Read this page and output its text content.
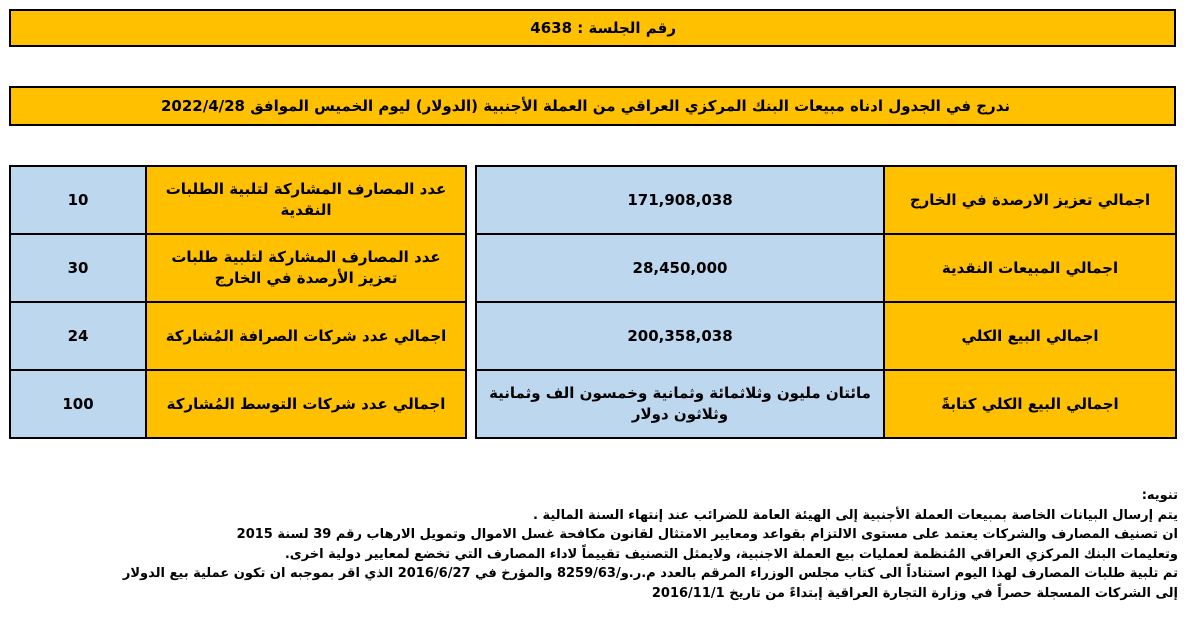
رقم الجلسة : 4638
ندرج في الجدول ادناه مبيعات البنك المركزي العراقي من العملة الأجنبية (الدولار) ليوم الخميس الموافق 2022/4/28
171,908,038	اجمالي تعزيز الارصدة في الخارج
28,450,000	اجمالي المبيعات النقدية
200,358,038	اجمالي البيع الكلي
مائتان مليون وثلاثمائة وثمانية وخمسون الف وثمانية وثلاثون دولار	اجمالي البيع الكلي كتابةً
10	عدد المصارف المشاركة لتلبية الطلبات النقدية
30	عدد المصارف المشاركة لتلبية طلبات تعزيز الأرصدة في الخارج
24	اجمالي عدد شركات الصرافة المُشاركة
100	اجمالي عدد شركات التوسط المُشاركة

تنويه:

يتم إرسال البيانات الخاصة بمبيعات العملة الأجنبية إلى الهيئة العامة للضرائب عند إنتهاء السنة المالية .

ان تصنيف المصارف والشركات يعتمد على مستوى الالتزام بقواعد ومعايير الامتثال لقانون مكافحة غسل الاموال وتمويل الارهاب رقم 39 لسنة 2015

وتعليمات البنك المركزي العراقي المُنظمة لعمليات بيع العملة الاجنبية، ولايمثل التصنيف تقييماً لاداء المصارف التي تخضع لمعايير دولية اخرى.

تم تلبية طلبات المصارف لهذا اليوم استناداً الى كتاب مجلس الوزراء المرقم بالعدد م.ر.و/8259/63 والمؤرخ في 2016/6/27 الذي اقر بموجبه ان تكون عملية بيع الدولار

إلى الشركات المسجلة حصراً في وزارة التجارة العراقية إبتداءً من تاريخ 2016/11/1
